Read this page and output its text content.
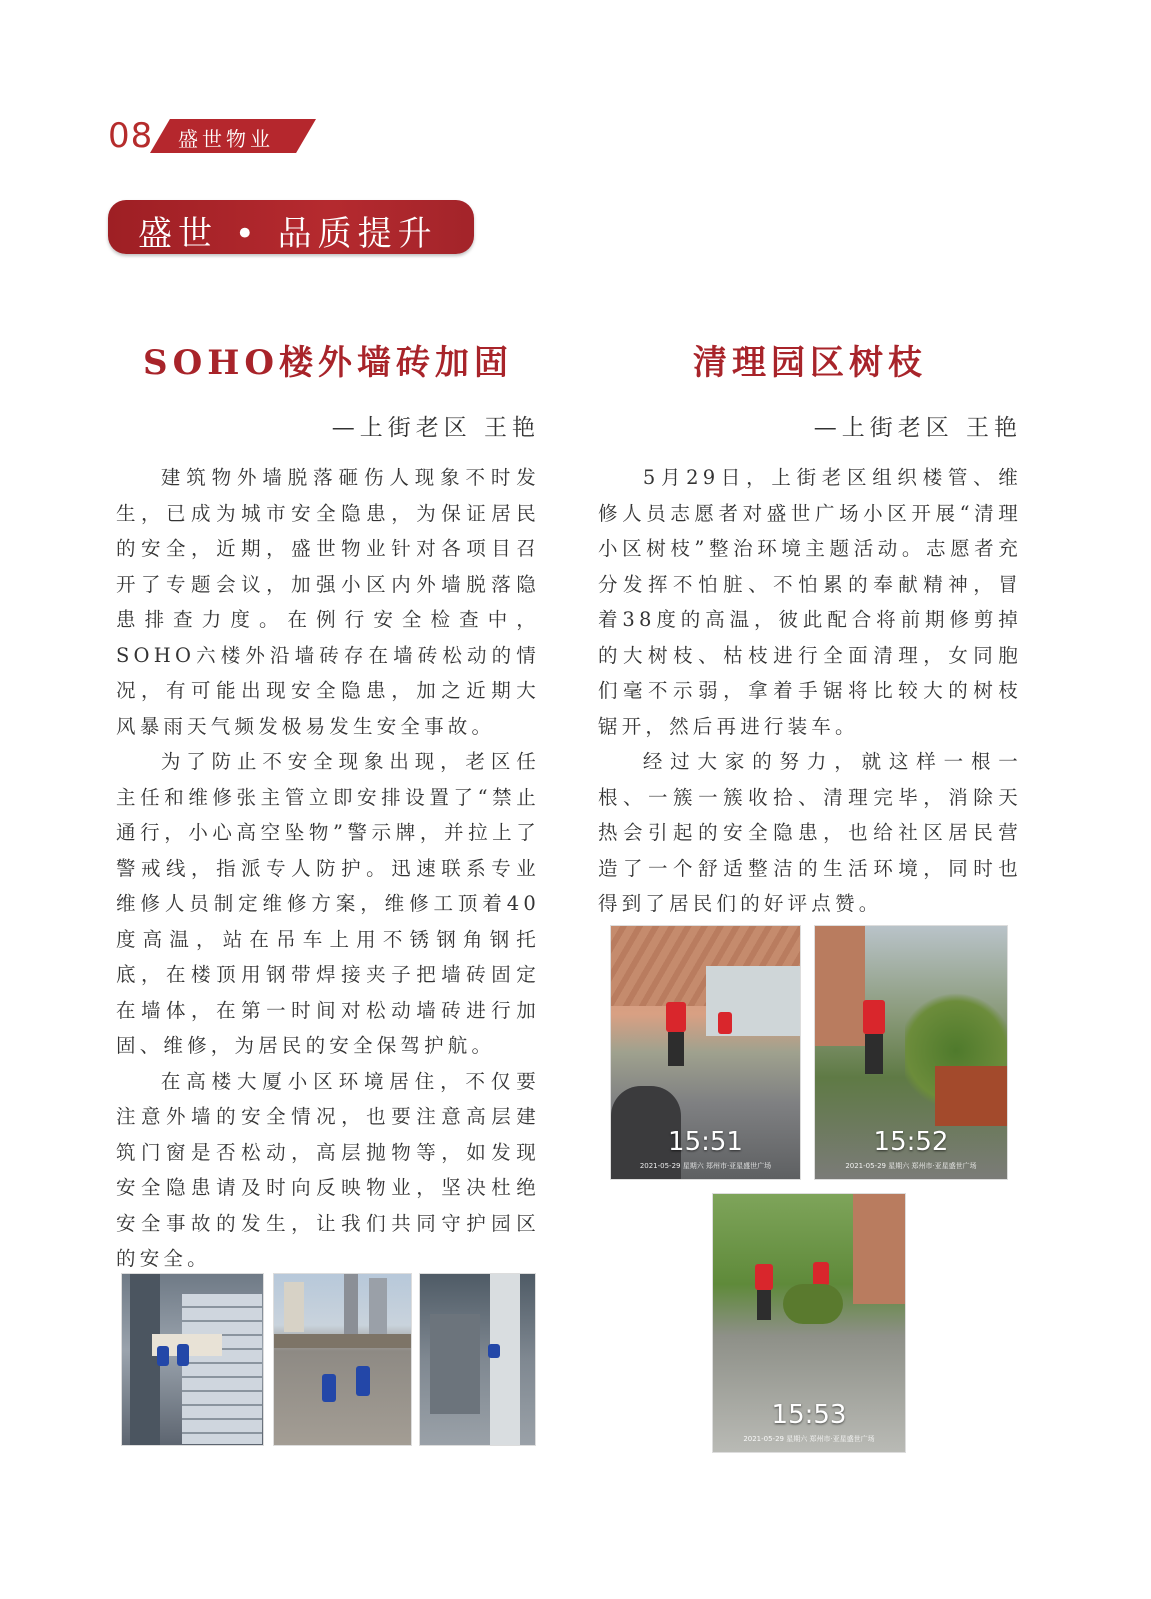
08 盛世物业
盛世 • 品质提升
SOHO楼外墙砖加固
—上街老区 王艳

建筑物外墙脱落砸伤人现象不时发生，已成为城市安全隐患，为保证居民的安全，近期，盛世物业针对各项目召开了专题会议，加强小区内外墙脱落隐患排查力度。在例行安全检查中，SOHO六楼外沿墙砖存在墙砖松动的情况，有可能出现安全隐患，加之近期大风暴雨天气频发极易发生安全事故。

为了防止不安全现象出现，老区任主任和维修张主管立即安排设置了“禁止通行，小心高空坠物”警示牌，并拉上了警戒线，指派专人防护。迅速联系专业维修人员制定维修方案，维修工顶着40度高温，站在吊车上用不锈钢角钢托底，在楼顶用钢带焊接夹子把墙砖固定在墙体，在第一时间对松动墙砖进行加固、维修，为居民的安全保驾护航。

在高楼大厦小区环境居住，不仅要注意外墙的安全情况，也要注意高层建筑门窗是否松动，高层抛物等，如发现安全隐患请及时向反映物业，坚决杜绝安全事故的发生，让我们共同守护园区的安全。

清理园区树枝
—上街老区 王艳

5月29日，上街老区组织楼管、维修人员志愿者对盛世广场小区开展“清理小区树枝”整治环境主题活动。志愿者充分发挥不怕脏、不怕累的奉献精神，冒着38度的高温，彼此配合将前期修剪掉的大树枝、枯枝进行全面清理，女同胞们毫不示弱，拿着手锯将比较大的树枝锯开，然后再进行装车。

经过大家的努力，就这样一根一根、一簇一簇收拾、清理完毕，消除天热会引起的安全隐患，也给社区居民营造了一个舒适整洁的生活环境，同时也得到了居民们的好评点赞。

15:51
2021-05-29 星期六 郑州市·亚星盛世广场
15:52
2021-05-29 星期六 郑州市·亚星盛世广场
15:53
2021-05-29 星期六 郑州市·亚星盛世广场
